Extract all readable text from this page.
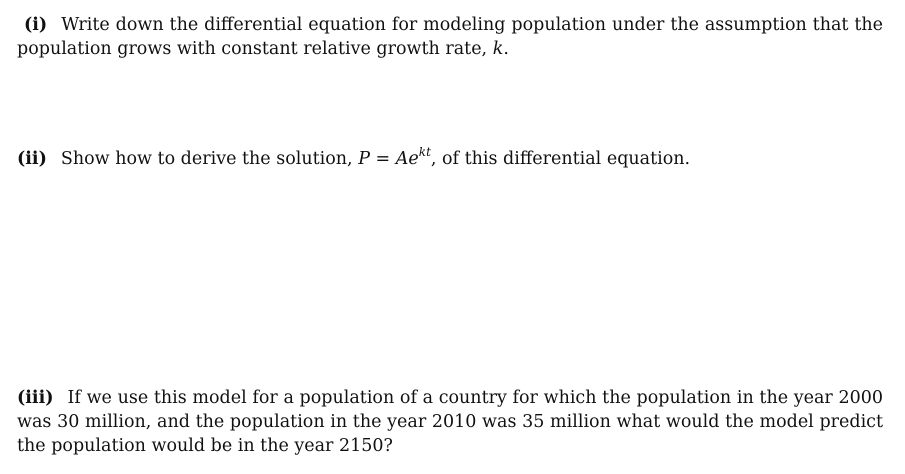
(i) Write down the differential equation for modeling population under the assumption that the population grows with constant relative growth rate, k.
(ii) Show how to derive the solution, $P = Ae^{kt}$, of this differential equation.
(iii) If we use this model for a population of a country for which the population in the year 2000 was 30 million, and the population in the year 2010 was 35 million what would the model predict the population would be in the year 2150?
